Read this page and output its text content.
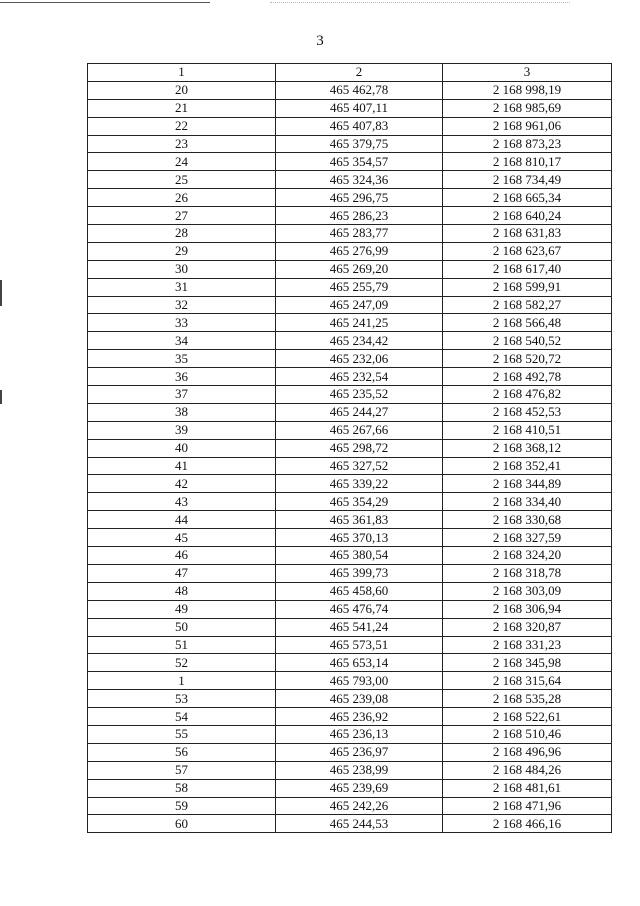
3
1	2	3
20	465 462,78	2 168 998,19
21	465 407,11	2 168 985,69
22	465 407,83	2 168 961,06
23	465 379,75	2 168 873,23
24	465 354,57	2 168 810,17
25	465 324,36	2 168 734,49
26	465 296,75	2 168 665,34
27	465 286,23	2 168 640,24
28	465 283,77	2 168 631,83
29	465 276,99	2 168 623,67
30	465 269,20	2 168 617,40
31	465 255,79	2 168 599,91
32	465 247,09	2 168 582,27
33	465 241,25	2 168 566,48
34	465 234,42	2 168 540,52
35	465 232,06	2 168 520,72
36	465 232,54	2 168 492,78
37	465 235,52	2 168 476,82
38	465 244,27	2 168 452,53
39	465 267,66	2 168 410,51
40	465 298,72	2 168 368,12
41	465 327,52	2 168 352,41
42	465 339,22	2 168 344,89
43	465 354,29	2 168 334,40
44	465 361,83	2 168 330,68
45	465 370,13	2 168 327,59
46	465 380,54	2 168 324,20
47	465 399,73	2 168 318,78
48	465 458,60	2 168 303,09
49	465 476,74	2 168 306,94
50	465 541,24	2 168 320,87
51	465 573,51	2 168 331,23
52	465 653,14	2 168 345,98
1	465 793,00	2 168 315,64
53	465 239,08	2 168 535,28
54	465 236,92	2 168 522,61
55	465 236,13	2 168 510,46
56	465 236,97	2 168 496,96
57	465 238,99	2 168 484,26
58	465 239,69	2 168 481,61
59	465 242,26	2 168 471,96
60	465 244,53	2 168 466,16
